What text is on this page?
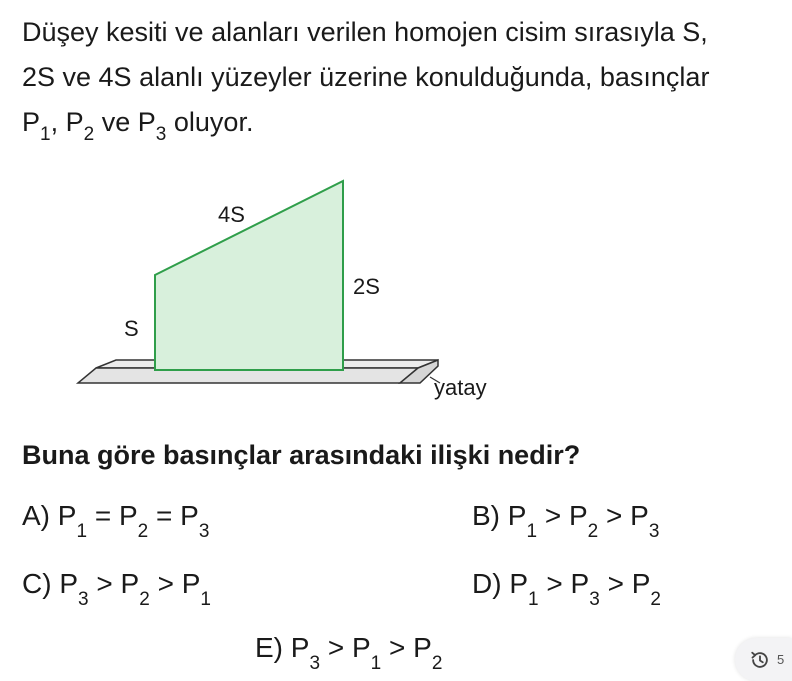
Düşey kesiti ve alanları verilen homojen cisim sırasıyla S,
2S ve 4S alanlı yüzeyler üzerine konulduğunda, basınçlar
$P_1$, $P_2$ ve $P_3$ oluyor.
4S
2S
S
yatay
Buna göre basınçlar arasındaki ilişki nedir?
A) $P_1 = P_2 = P_3$
B) $P_1 > P_2 > P_3$
C) $P_3 > P_2 > P_1$
D) $P_1 > P_3 > P_2$
E) $P_3 > P_1 > P_2$	5
